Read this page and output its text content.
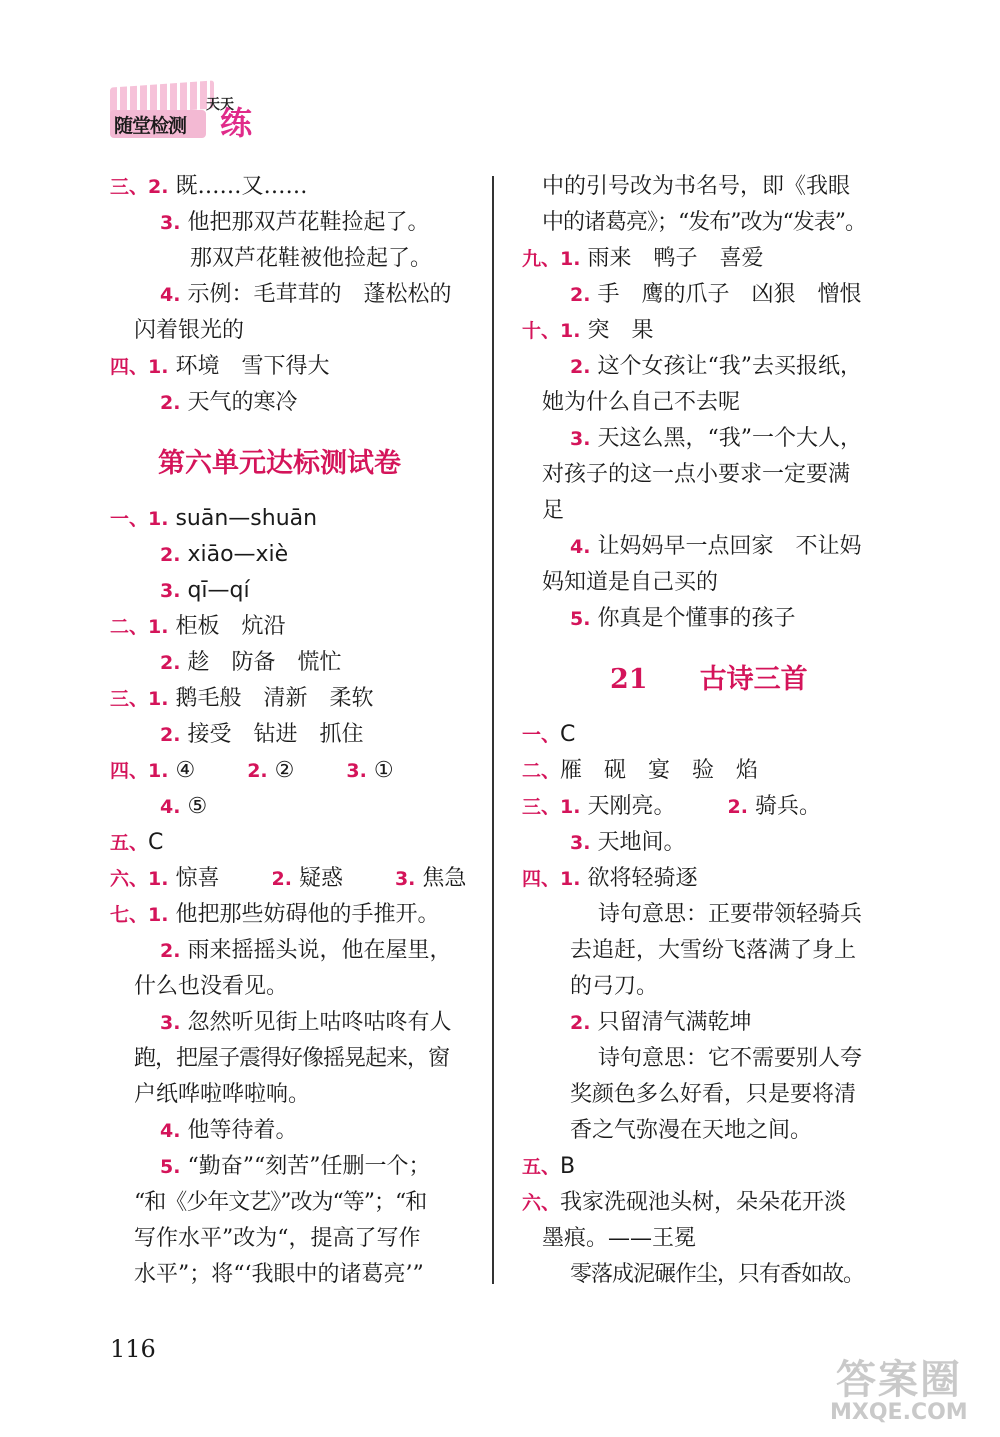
随堂检测
天天
练
三、2. 既……又……
3. 他把那双芦花鞋捡起了。
那双芦花鞋被他捡起了。
4. 示例：毛茸茸的　蓬松松的
闪着银光的
四、1. 环境　雪下得大
2. 天气的寒冷
第六单元达标测试卷
一、1. suān—shuān
2. xiāo—xiè
3. qī—qí
二、1. 柜板　炕沿
2. 趁　防备　慌忙
三、1. 鹅毛般　清新　柔软
2. 接受　钻进　抓住
四、1. ④	2. ②	3. ①
4. ⑤
五、C
六、1. 惊喜	2. 疑惑	3. 焦急
七、1. 他把那些妨碍他的手推开。
2. 雨来摇摇头说，他在屋里，
什么也没看见。
3. 忽然听见街上咕咚咕咚有人
跑，把屋子震得好像摇晃起来，窗
户纸哗啦哗啦响。
4. 他等待着。
5. “勤奋”“刻苦”任删一个；
“和《少年文艺》”改为“等”；“和
写作水平”改为“，提高了写作
水平”；将“‘我眼中的诸葛亮’”
中的引号改为书名号，即《我眼
中的诸葛亮》；“发布”改为“发表”。
九、1. 雨来　鸭子　喜爱
2. 手　鹰的爪子　凶狠　憎恨
十、1. 突　果
2. 这个女孩让“我”去买报纸，
她为什么自己不去呢
3. 天这么黑，“我”一个大人，
对孩子的这一点小要求一定要满
足
4. 让妈妈早一点回家　不让妈
妈知道是自己买的
5. 你真是个懂事的孩子
21 古诗三首
一、C
二、雁　砚　宴　验　焰
三、1. 天刚亮。	2. 骑兵。
3. 天地间。
四、1. 欲将轻骑逐
诗句意思：正要带领轻骑兵
去追赶，大雪纷飞落满了身上
的弓刀。
2. 只留清气满乾坤
诗句意思：它不需要别人夸
奖颜色多么好看，只是要将清
香之气弥漫在天地之间。
五、B
六、我家洗砚池头树，朵朵花开淡
墨痕。——王冕
零落成泥碾作尘，只有香如故。
116
答案圈
MXQE.COM
